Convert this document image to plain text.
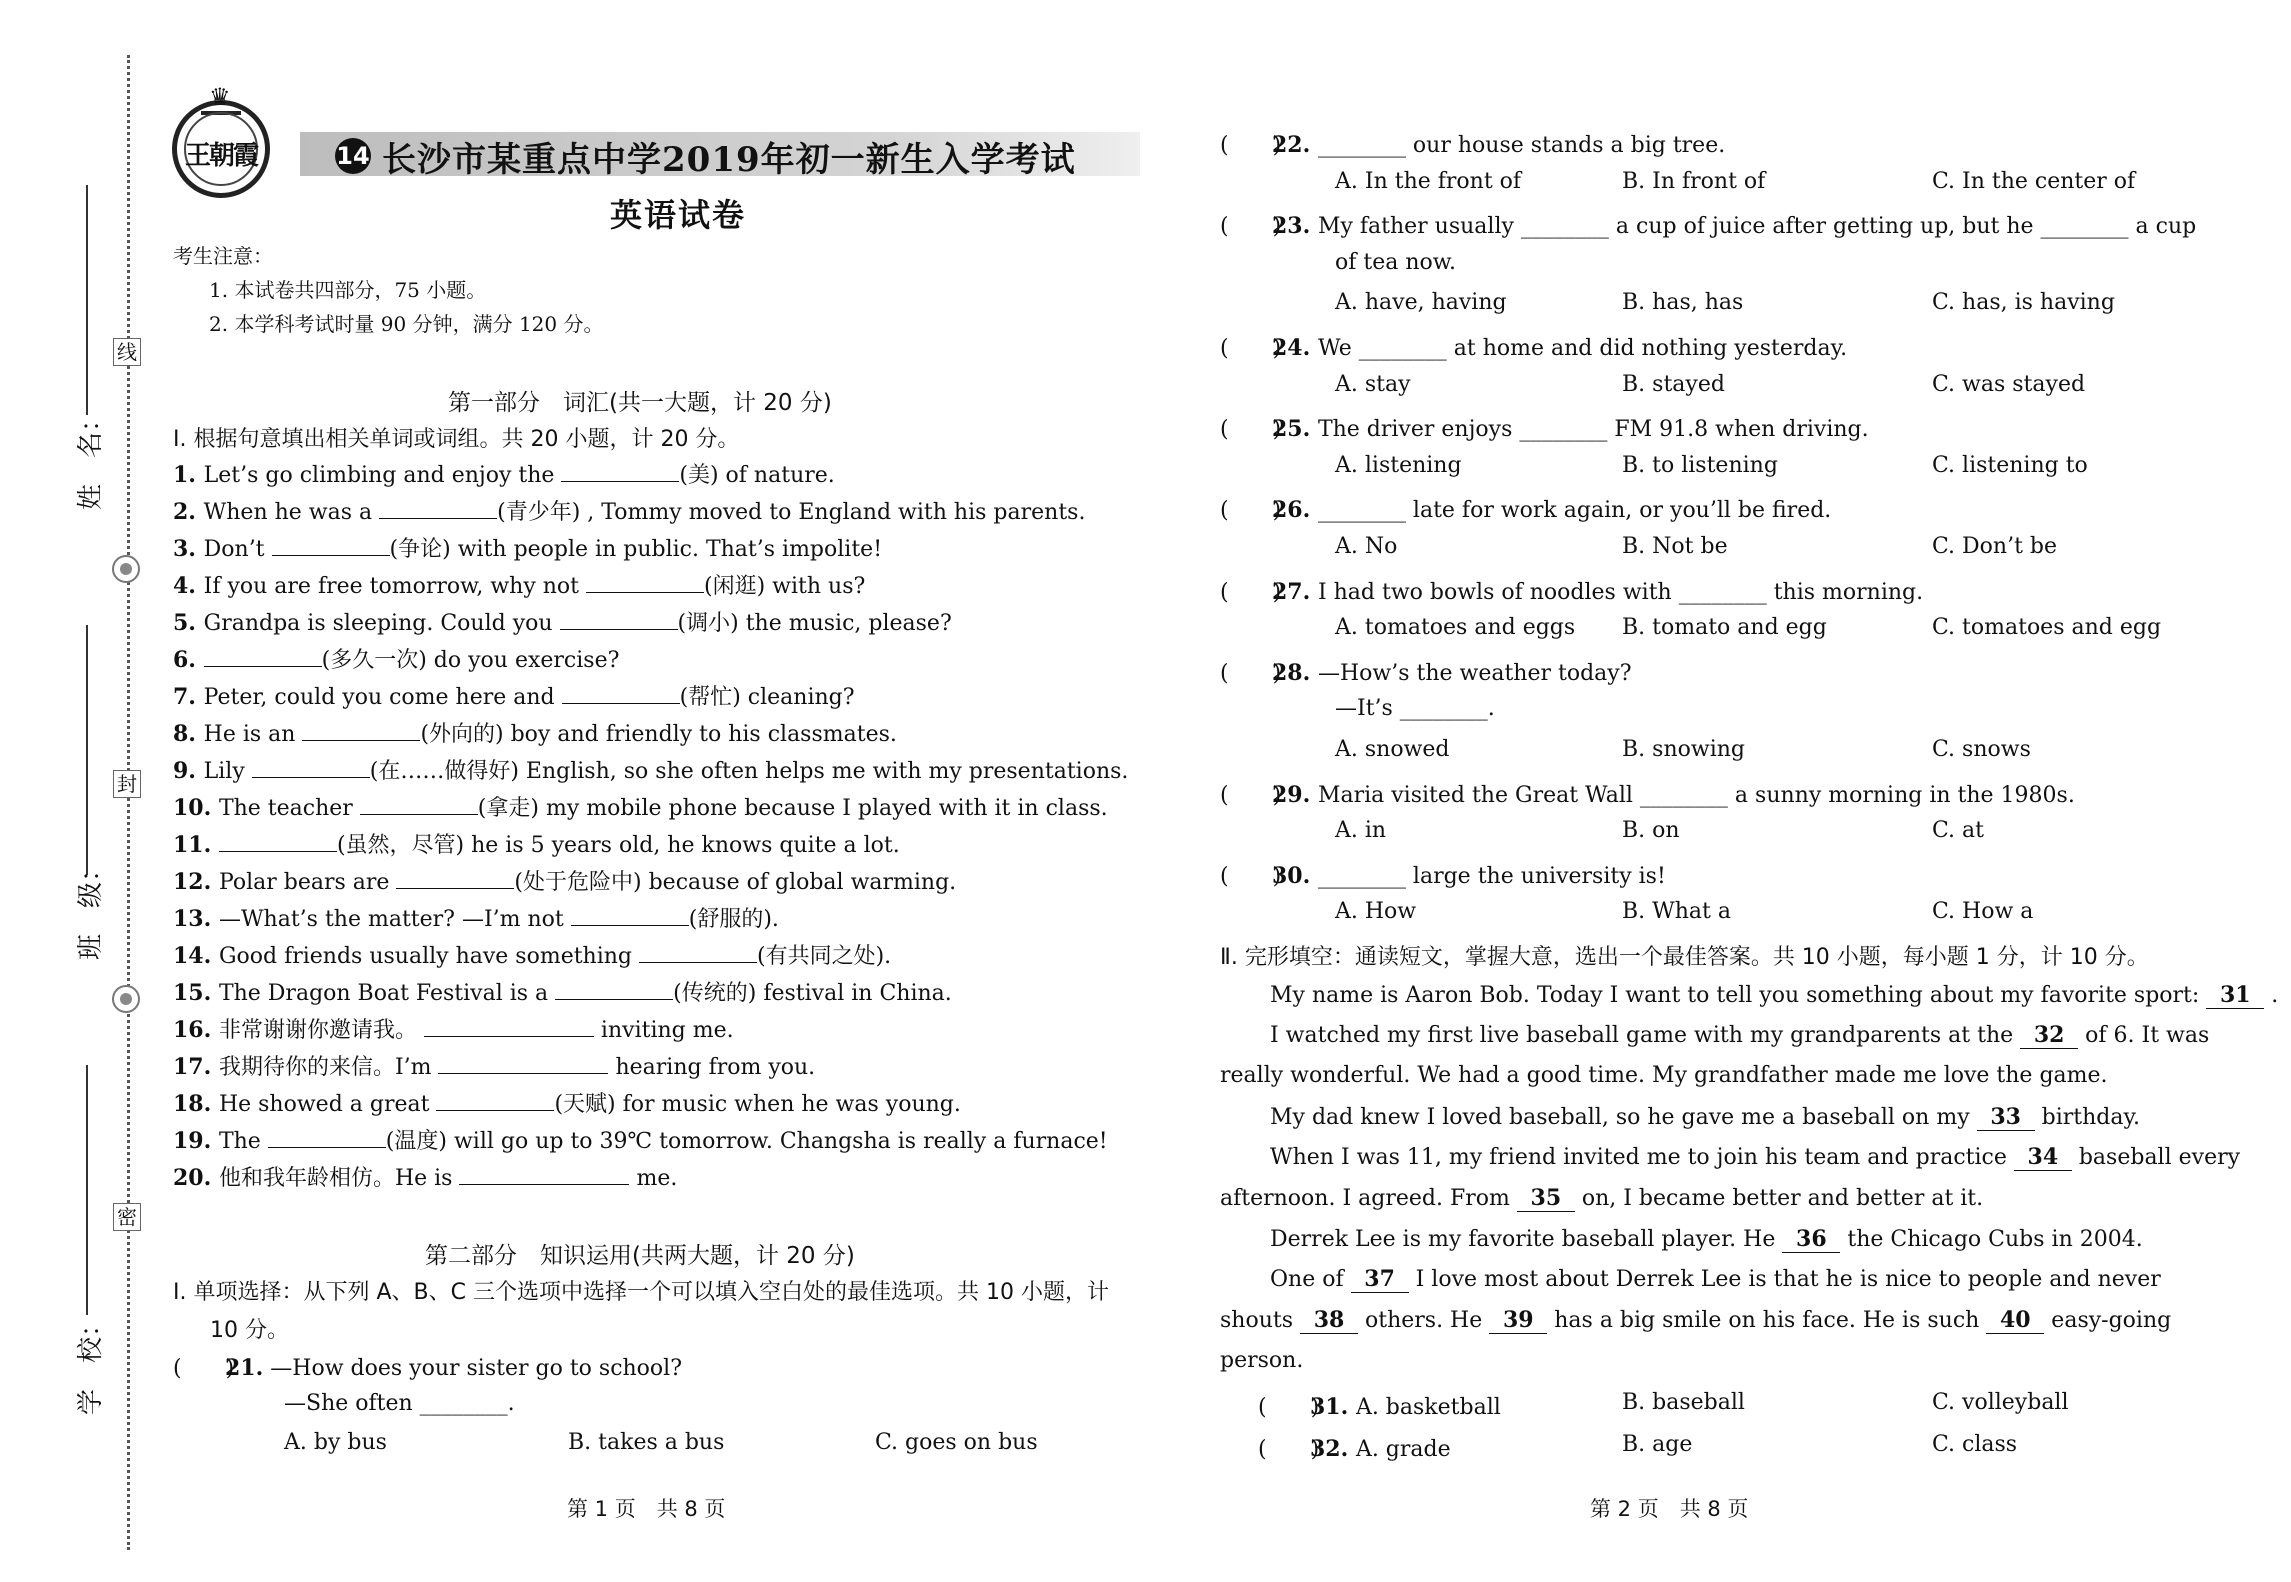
线
封
密
姓　名：
班　级：
学　校：
♛
王朝霞	14 长沙市某重点中学2019年初一新生入学考试
英语试卷
考生注意：
1. 本试卷共四部分，75 小题。
2. 本学科考试时量 90 分钟，满分 120 分。
第一部分　词汇(共一大题，计 20 分)
Ⅰ. 根据句意填出相关单词或词组。共 20 小题，计 20 分。
1. Let’s go climbing and enjoy the	(美) of nature.
2. When he was a	(青少年) , Tommy moved to England with his parents.
3. Don’t	(争论) with people in public. That’s impolite!
4. If you are free tomorrow, why not	(闲逛) with us?
5. Grandpa is sleeping. Could you	(调小) the music, please?
6.	(多久一次) do you exercise?
7. Peter, could you come here and	(帮忙) cleaning?
8. He is an	(外向的) boy and friendly to his classmates.
9. Lily	(在……做得好) English, so she often helps me with my presentations.
10. The teacher	(拿走) my mobile phone because I played with it in class.
11.	(虽然，尽管) he is 5 years old, he knows quite a lot.
12. Polar bears are	(处于危险中) because of global warming.
13. —What’s the matter? —I’m not	(舒服的).
14. Good friends usually have something	(有共同之处).
15. The Dragon Boat Festival is a	(传统的) festival in China.
16. 非常谢谢你邀请我。	inviting me.
17. 我期待你的来信。I’m	hearing from you.
18. He showed a great	(天赋) for music when he was young.
19. The	(温度) will go up to 39℃ tomorrow. Changsha is really a furnace!
20. 他和我年龄相仿。He is	me.
第二部分　知识运用(共两大题，计 20 分)
Ⅰ. 单项选择：从下列 A、B、C 三个选项中选择一个可以填入空白处的最佳选项。共 10 小题，计
10 分。
(　　)21. —How does your sister go to school?
—She often ________.
A. by bus	B. takes a bus	C. goes on bus
第 1 页　共 8 页
(　　)22. ________ our house stands a big tree.
A. In the front of	B. In front of	C. In the center of
(　　)23. My father usually ________ a cup of juice after getting up, but he ________ a cup
of tea now.
A. have, having	B. has, has	C. has, is having
(　　)24. We ________ at home and did nothing yesterday.
A. stay	B. stayed	C. was stayed
(　　)25. The driver enjoys ________ FM 91.8 when driving.
A. listening	B. to listening	C. listening to
(　　)26. ________ late for work again, or you’ll be fired.
A. No	B. Not be	C. Don’t be
(　　)27. I had two bowls of noodles with ________ this morning.
A. tomatoes and eggs B. tomato and egg	C. tomatoes and egg
(　　)28. —How’s the weather today?
—It’s ________.
A. snowed	B. snowing	C. snows
(　　)29. Maria visited the Great Wall ________ a sunny morning in the 1980s.
A. in	B. on	C. at
(　　)30. ________ large the university is!
A. How	B. What a	C. How a
Ⅱ. 完形填空：通读短文，掌握大意，选出一个最佳答案。共 10 小题，每小题 1 分，计 10 分。
My name is Aaron Bob. Today I want to tell you something about my favorite sport: 31 .
I watched my first live baseball game with my grandparents at the 32 of 6. It was
really wonderful. We had a good time. My grandfather made me love the game.
My dad knew I loved baseball, so he gave me a baseball on my 33 birthday.
When I was 11, my friend invited me to join his team and practice 34 baseball every
afternoon. I agreed. From 35 on, I became better and better at it.
Derrek Lee is my favorite baseball player. He 36 the Chicago Cubs in 2004.
One of 37 I love most about Derrek Lee is that he is nice to people and never
shouts 38 others. He 39 has a big smile on his face. He is such 40 easy-going
person.
(　　)31. A. basketball	B. baseball	C. volleyball
(　　)32. A. grade	B. age	C. class
第 2 页　共 8 页
